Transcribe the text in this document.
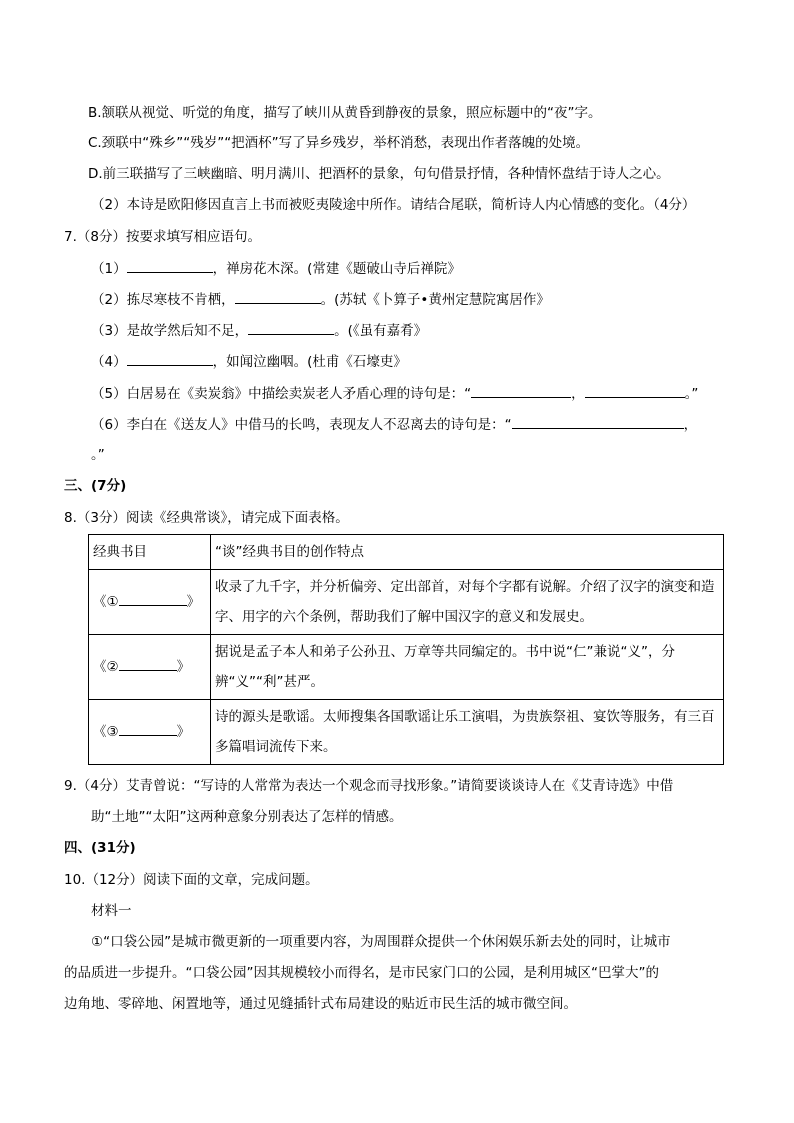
B.颔联从视觉、听觉的角度，描写了峡川从黄昏到静夜的景象，照应标题中的“夜”字。
C.颈联中“殊乡”“残岁”“把酒杯”写了异乡残岁，举杯消愁，表现出作者落魄的处境。
D.前三联描写了三峡幽暗、明月满川、把酒杯的景象，句句借景抒情，各种情怀盘结于诗人之心。
（2）本诗是欧阳修因直言上书而被贬夷陵途中所作。请结合尾联，简析诗人内心情感的变化。（4分）
7.（8分）按要求填写相应语句。
（1）	，禅房花木深。(常建《题破山寺后禅院》
（2）拣尽寒枝不肯栖，	。(苏轼《卜算子•黄州定慧院寓居作》
（3）是故学然后知不足，	。(《虽有嘉肴》
（4）	，如闻泣幽咽。(杜甫《石壕吏》
（5）白居易在《卖炭翁》中描绘卖炭老人矛盾心理的诗句是：“	，	。”
（6）李白在《送友人》中借马的长鸣，表现友人不忍离去的诗句是：“	，
。”
三、(7分)
8.（3分）阅读《经典常谈》，请完成下面表格。
经典书目	“谈”经典书目的创作特点
《① 》	收录了九千字，并分析偏旁、定出部首，对每个字都有说解。介绍了汉字的演变和造字、用字的六个条例，帮助我们了解中国汉字的意义和发展史。
《② 》	据说是孟子本人和弟子公孙丑、万章等共同编定的。书中说“仁”兼说“义”，分辨“义”“利”甚严。
《③ 》	诗的源头是歌谣。太师搜集各国歌谣让乐工演唱，为贵族祭祖、宴饮等服务，有三百多篇唱词流传下来。
9.（4分）艾青曾说：“写诗的人常常为表达一个观念而寻找形象。”请简要谈谈诗人在《艾青诗选》中借
助“土地”“太阳”这两种意象分别表达了怎样的情感。
四、(31分)
10.（12分）阅读下面的文章，完成问题。
材料一
①“口袋公园”是城市微更新的一项重要内容，为周围群众提供一个休闲娱乐新去处的同时，让城市
的品质进一步提升。“口袋公园”因其规模较小而得名，是市民家门口的公园，是利用城区“巴掌大”的
边角地、零碎地、闲置地等，通过见缝插针式布局建设的贴近市民生活的城市微空间。
